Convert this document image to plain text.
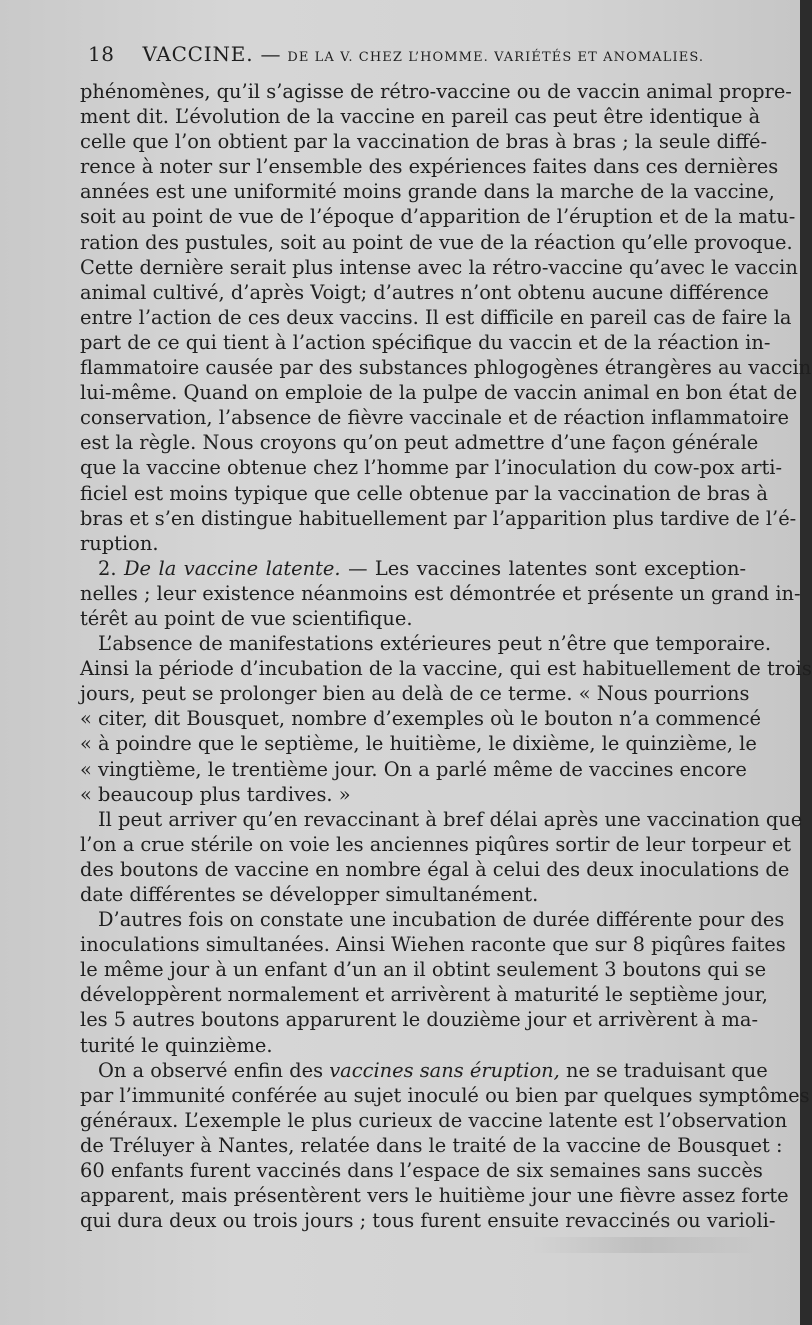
18 VACCINE. — DE LA V. CHEZ L’HOMME. VARIÉTÉS ET ANOMALIES.
phénomènes, qu’il s’agisse de rétro-vaccine ou de vaccin animal propre-
ment dit. L’évolution de la vaccine en pareil cas peut être identique à
celle que l’on obtient par la vaccination de bras à bras ; la seule diffé-
rence à noter sur l’ensemble des expériences faites dans ces dernières
années est une uniformité moins grande dans la marche de la vaccine,
soit au point de vue de l’époque d’apparition de l’éruption et de la matu-
ration des pustules, soit au point de vue de la réaction qu’elle provoque.
Cette dernière serait plus intense avec la rétro-vaccine qu’avec le vaccin
animal cultivé, d’après Voigt; d’autres n’ont obtenu aucune différence
entre l’action de ces deux vaccins. Il est difficile en pareil cas de faire la
part de ce qui tient à l’action spécifique du vaccin et de la réaction in-
flammatoire causée par des substances phlogogènes étrangères au vaccin
lui-même. Quand on emploie de la pulpe de vaccin animal en bon état de
conservation, l’absence de fièvre vaccinale et de réaction inflammatoire
est la règle. Nous croyons qu’on peut admettre d’une façon générale
que la vaccine obtenue chez l’homme par l’inoculation du cow-pox arti-
ficiel est moins typique que celle obtenue par la vaccination de bras à
bras et s’en distingue habituellement par l’apparition plus tardive de l’é-
ruption.
2. De la vaccine latente. — Les vaccines latentes sont exception-
nelles ; leur existence néanmoins est démontrée et présente un grand in-
térêt au point de vue scientifique.
L’absence de manifestations extérieures peut n’être que temporaire.
Ainsi la période d’incubation de la vaccine, qui est habituellement de trois
jours, peut se prolonger bien au delà de ce terme. « Nous pourrions
« citer, dit Bousquet, nombre d’exemples où le bouton n’a commencé
« à poindre que le septième, le huitième, le dixième, le quinzième, le
« vingtième, le trentième jour. On a parlé même de vaccines encore
« beaucoup plus tardives. »
Il peut arriver qu’en revaccinant à bref délai après une vaccination que
l’on a crue stérile on voie les anciennes piqûres sortir de leur torpeur et
des boutons de vaccine en nombre égal à celui des deux inoculations de
date différentes se développer simultanément.
D’autres fois on constate une incubation de durée différente pour des
inoculations simultanées. Ainsi Wiehen raconte que sur 8 piqûres faites
le même jour à un enfant d’un an il obtint seulement 3 boutons qui se
développèrent normalement et arrivèrent à maturité le septième jour,
les 5 autres boutons apparurent le douzième jour et arrivèrent à ma-
turité le quinzième.
On a observé enfin des vaccines sans éruption, ne se traduisant que
par l’immunité conférée au sujet inoculé ou bien par quelques symptômes
généraux. L’exemple le plus curieux de vaccine latente est l’observation
de Tréluyer à Nantes, relatée dans le traité de la vaccine de Bousquet :
60 enfants furent vaccinés dans l’espace de six semaines sans succès
apparent, mais présentèrent vers le huitième jour une fièvre assez forte
qui dura deux ou trois jours ; tous furent ensuite revaccinés ou varioli-
